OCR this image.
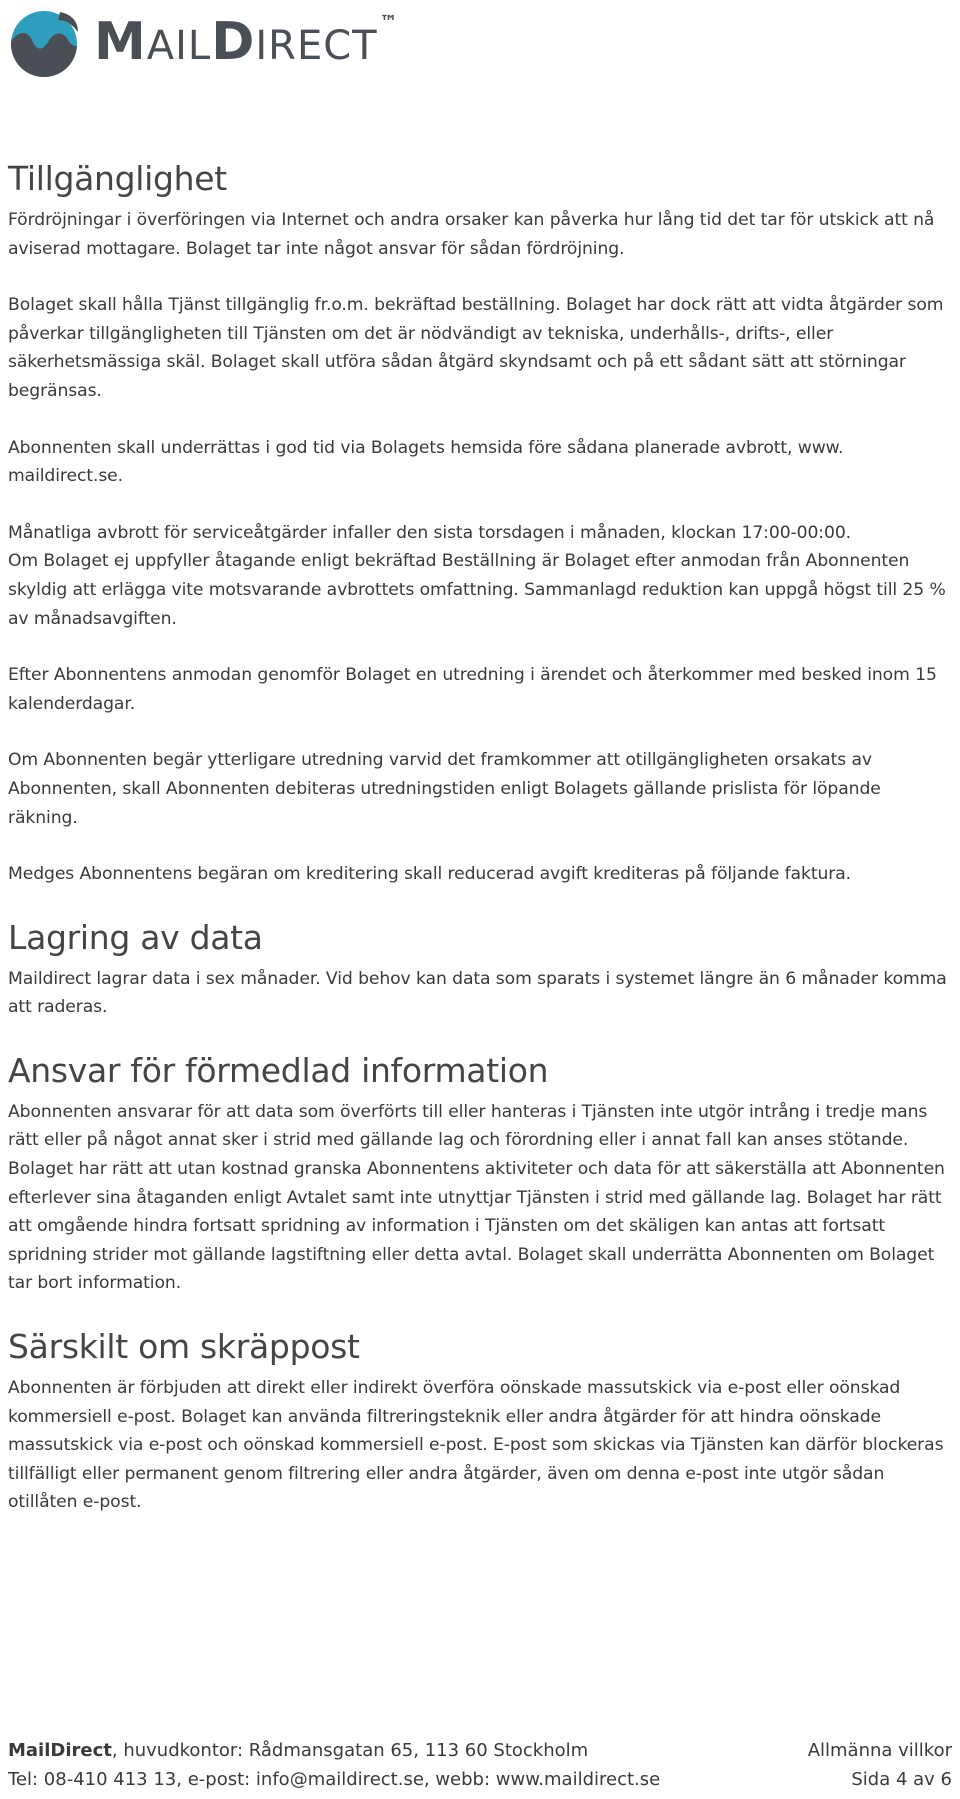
MAILDIRECT™
Tillgänglighet

Fördröjningar i överföringen via Internet och andra orsaker kan påverka hur lång tid det tar för utskick att nå aviserad mottagare. Bolaget tar inte något ansvar för sådan fördröjning.

Bolaget skall hålla Tjänst tillgänglig fr.o.m. bekräftad beställning. Bolaget har dock rätt att vidta åtgärder som påverkar tillgängligheten till Tjänsten om det är nödvändigt av tekniska, underhålls-, drifts-, eller säkerhetsmässiga skäl. Bolaget skall utföra sådan åtgärd skyndsamt och på ett sådant sätt att störningar begränsas.

Abonnenten skall underrättas i god tid via Bolagets hemsida före sådana planerade avbrott, www. maildirect.se.

Månatliga avbrott för serviceåtgärder infaller den sista torsdagen i månaden, klockan 17:00-00:00.

Om Bolaget ej uppfyller åtagande enligt bekräftad Beställning är Bolaget efter anmodan från Abonnenten skyldig att erlägga vite motsvarande avbrottets omfattning. Sammanlagd reduktion kan uppgå högst till 25 % av månadsavgiften.

Efter Abonnentens anmodan genomför Bolaget en utredning i ärendet och återkommer med besked inom 15 kalenderdagar.

Om Abonnenten begär ytterligare utredning varvid det framkommer att otillgängligheten orsakats av Abonnenten, skall Abonnenten debiteras utredningstiden enligt Bolagets gällande prislista för löpande räkning.

Medges Abonnentens begäran om kreditering skall reducerad avgift krediteras på följande faktura.

Lagring av data

Maildirect lagrar data i sex månader. Vid behov kan data som sparats i systemet längre än 6 månader komma att raderas.

Ansvar för förmedlad information

Abonnenten ansvarar för att data som överförts till eller hanteras i Tjänsten inte utgör intrång i tredje mans rätt eller på något annat sker i strid med gällande lag och förordning eller i annat fall kan anses stötande. Bolaget har rätt att utan kostnad granska Abonnentens aktiviteter och data för att säkerställa att Abonnenten efterlever sina åtaganden enligt Avtalet samt inte utnyttjar Tjänsten i strid med gällande lag. Bolaget har rätt att omgående hindra fortsatt spridning av information i Tjänsten om det skäligen kan antas att fortsatt spridning strider mot gällande lagstiftning eller detta avtal. Bolaget skall underrätta Abonnenten om Bolaget tar bort information.

Särskilt om skräppost

Abonnenten är förbjuden att direkt eller indirekt överföra oönskade massutskick via e-post eller oönskad kommersiell e-post. Bolaget kan använda filtreringsteknik eller andra åtgärder för att hindra oönskade massutskick via e-post och oönskad kommersiell e-post. E-post som skickas via Tjänsten kan därför blockeras tillfälligt eller permanent genom filtrering eller andra åtgärder, även om denna e-post inte utgör sådan otillåten e-post.

MailDirect, huvudkontor: Rådmansgatan 65, 113 60 Stockholm	Allmänna villkor
Tel: 08-410 413 13, e-post: info@maildirect.se, webb: www.maildirect.se	Sida 4 av 6
